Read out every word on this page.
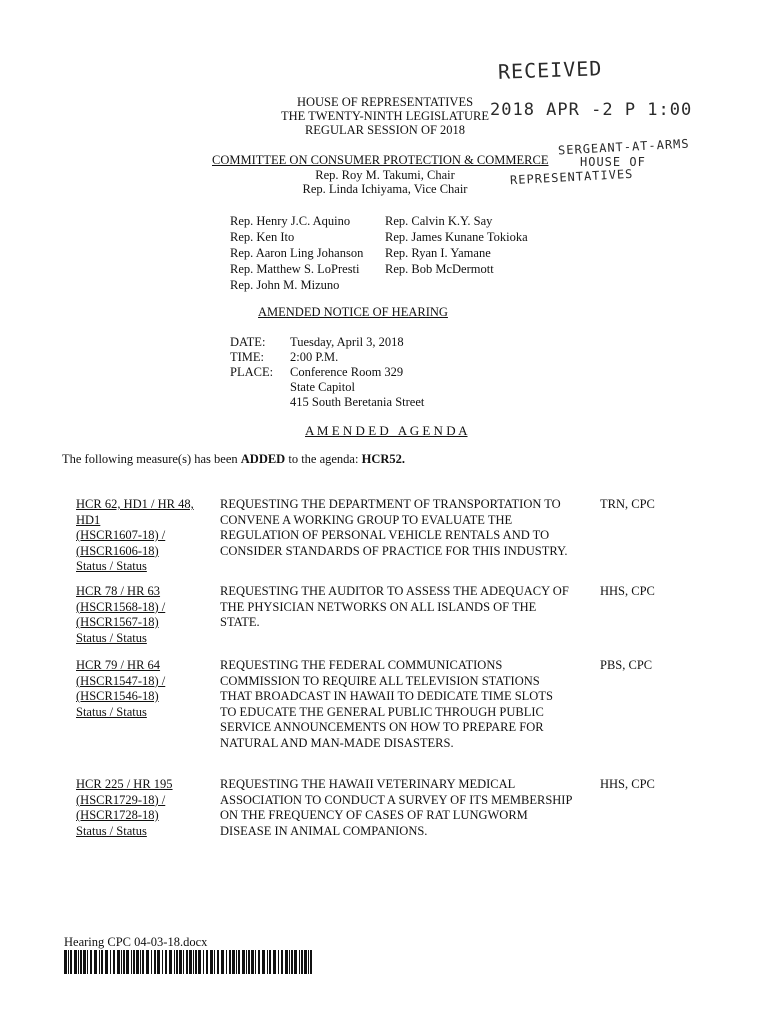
RECEIVED
2018 APR -2 P 1:00
SERGEANT-AT-ARMS
HOUSE OF
REPRESENTATIVES
HOUSE OF REPRESENTATIVES
THE TWENTY-NINTH LEGISLATURE
REGULAR SESSION OF 2018
COMMITTEE ON CONSUMER PROTECTION & COMMERCE
Rep. Roy M. Takumi, Chair
Rep. Linda Ichiyama, Vice Chair
Rep. Henry J.C. Aquino
Rep. Ken Ito
Rep. Aaron Ling Johanson
Rep. Matthew S. LoPresti
Rep. John M. Mizuno
Rep. Calvin K.Y. Say
Rep. James Kunane Tokioka
Rep. Ryan I. Yamane
Rep. Bob McDermott
AMENDED NOTICE OF HEARING
DATE:	Tuesday, April 3, 2018
TIME:	2:00 P.M.
PLACE:	Conference Room 329
State Capitol
415 South Beretania Street
A M E N D E D   A G E N D A
The following measure(s) has been ADDED to the agenda: HCR52.
HCR 62, HD1 / HR 48,
HD1
(HSCR1607-18) /
(HSCR1606-18)
Status / Status
REQUESTING THE DEPARTMENT OF TRANSPORTATION TO
CONVENE A WORKING GROUP TO EVALUATE THE
REGULATION OF PERSONAL VEHICLE RENTALS AND TO
CONSIDER STANDARDS OF PRACTICE FOR THIS INDUSTRY.
TRN, CPC
HCR 78 / HR 63
(HSCR1568-18) /
(HSCR1567-18)
Status / Status
REQUESTING THE AUDITOR TO ASSESS THE ADEQUACY OF
THE PHYSICIAN NETWORKS ON ALL ISLANDS OF THE
STATE.
HHS, CPC
HCR 79 / HR 64
(HSCR1547-18) /
(HSCR1546-18)
Status / Status
REQUESTING THE FEDERAL COMMUNICATIONS
COMMISSION TO REQUIRE ALL TELEVISION STATIONS
THAT BROADCAST IN HAWAII TO DEDICATE TIME SLOTS
TO EDUCATE THE GENERAL PUBLIC THROUGH PUBLIC
SERVICE ANNOUNCEMENTS ON HOW TO PREPARE FOR
NATURAL AND MAN-MADE DISASTERS.
PBS, CPC
HCR 225 / HR 195
(HSCR1729-18) /
(HSCR1728-18)
Status / Status
REQUESTING THE HAWAII VETERINARY MEDICAL
ASSOCIATION TO CONDUCT A SURVEY OF ITS MEMBERSHIP
ON THE FREQUENCY OF CASES OF RAT LUNGWORM
DISEASE IN ANIMAL COMPANIONS.
HHS, CPC
Hearing CPC 04-03-18.docx
